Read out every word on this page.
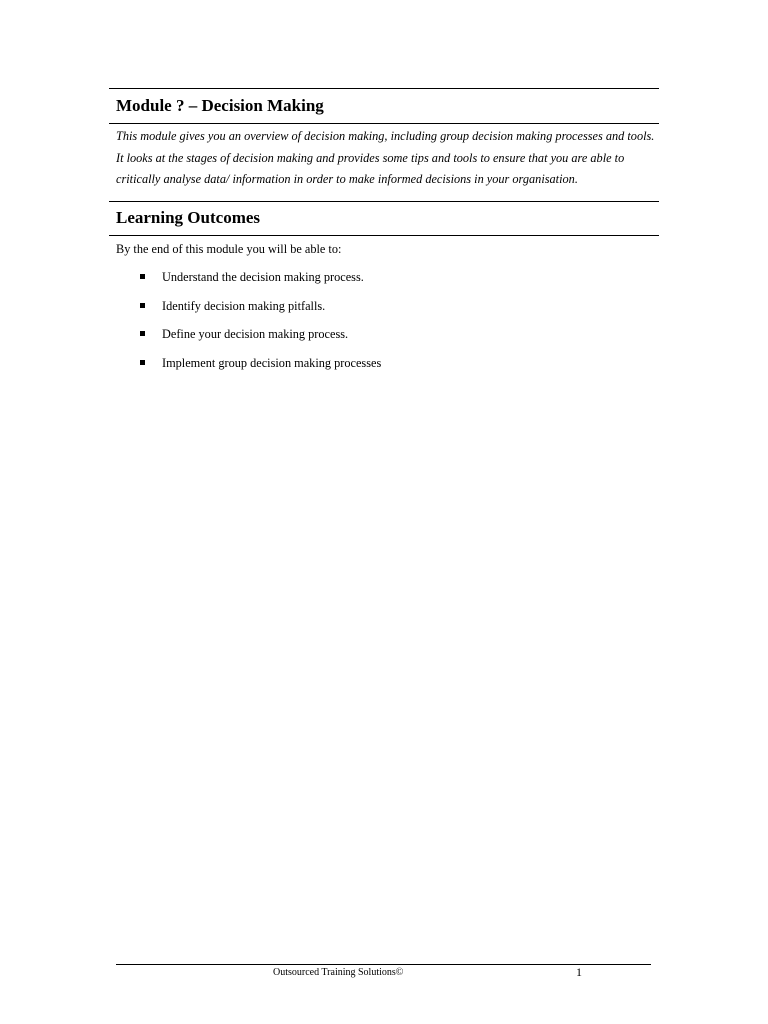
Module ? – Decision Making

This module gives you an overview of decision making, including group decision making processes and tools. It looks at the stages of decision making and provides some tips and tools to ensure that you are able to critically analyse data/ information in order to make informed decisions in your organisation.

Learning Outcomes

By the end of this module you will be able to:

Understand the decision making process.
Identify decision making pitfalls.
Define your decision making process.
Implement group decision making processes
Outsourced Training Solutions©	1
